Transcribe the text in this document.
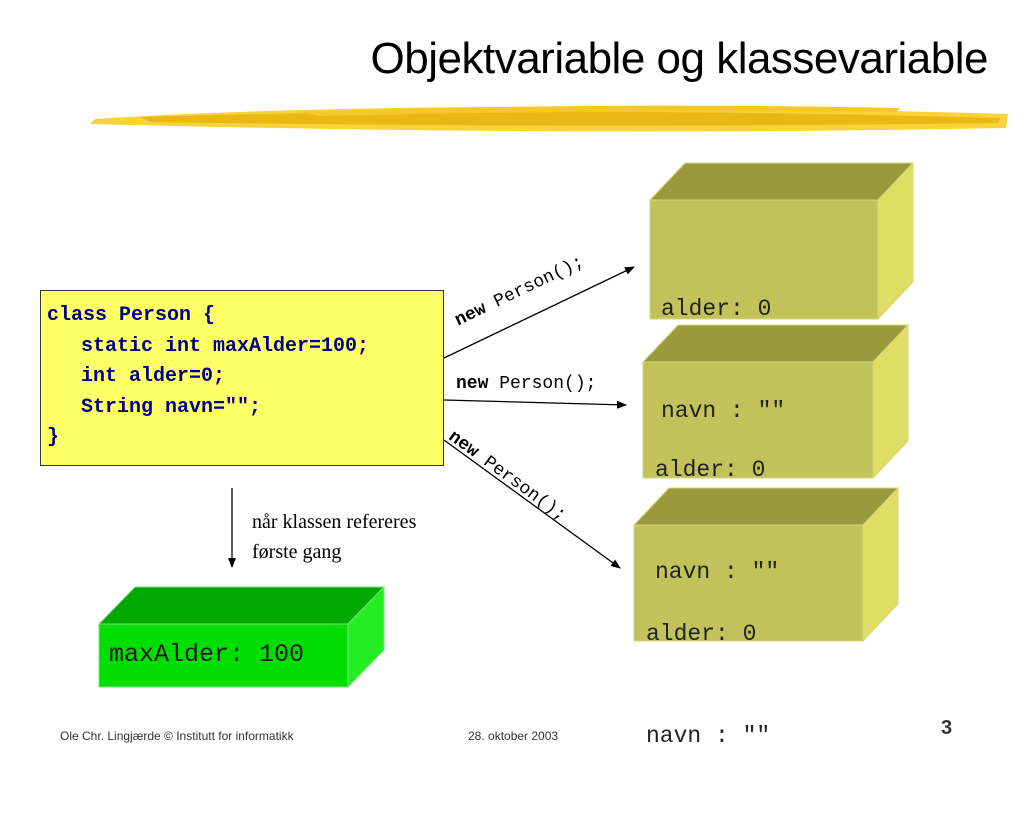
Objektvariable og klassevariable
class Person {
static int maxAlder=100;
int alder=0;
String navn="";
}

alder: 0

navn : ""

alder: 0

navn : ""

alder: 0

navn : ""

maxAlder: 100
new Person();
new Person();
new Person();
når klassen refereres
første gang
Ole Chr. Lingjærde © Institutt for informatikk	28. oktober 2003	3
